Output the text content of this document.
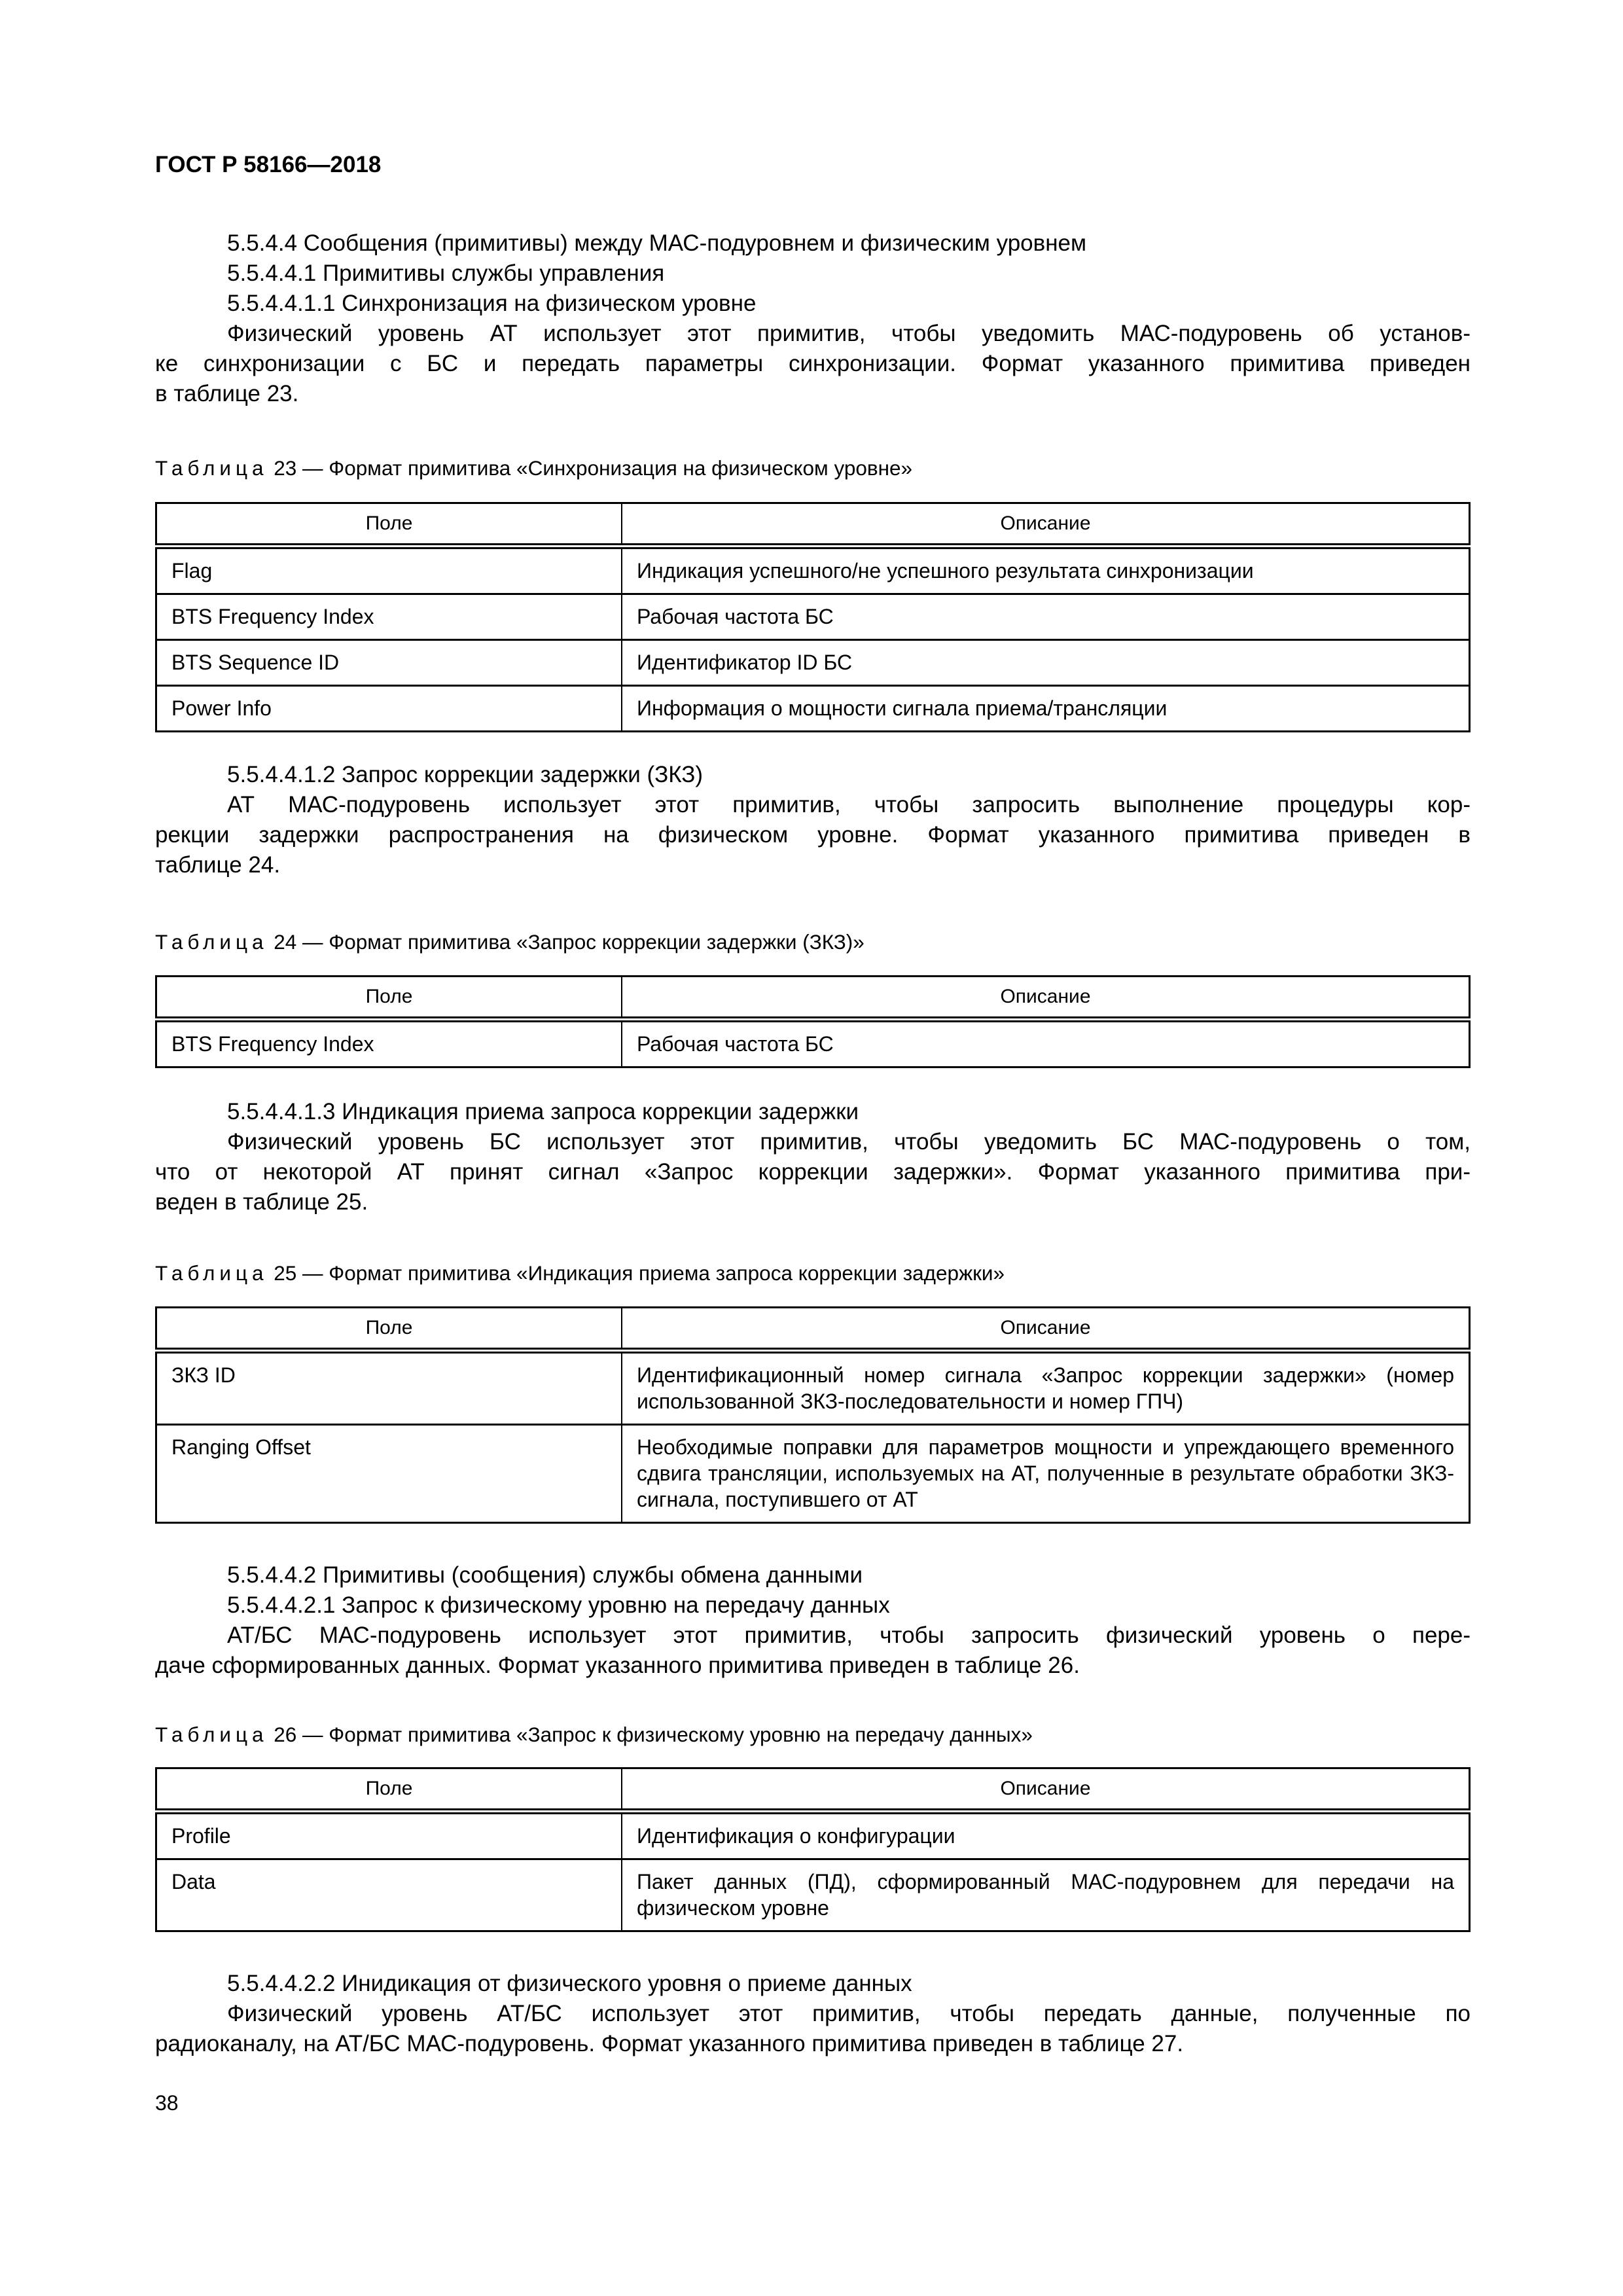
ГОСТ Р 58166—2018
5.5.4.4 Сообщения (примитивы) между МАС-подуровнем и физическим уровнем
5.5.4.4.1 Примитивы службы управления
5.5.4.4.1.1 Синхронизация на физическом уровне
Физический уровень АТ использует этот примитив, чтобы уведомить МАС-подуровень об установ-
ке синхронизации с БС и передать параметры синхронизации. Формат указанного примитива приведен
в таблице 23.
Таблица 23 — Формат примитива «Синхронизация на физическом уровне»
Поле	Описание
Flag	Индикация успешного/не успешного результата синхронизации
BTS Frequency Index	Рабочая частота БС
BTS Sequence ID	Идентификатор ID БС
Power Info	Информация о мощности сигнала приема/трансляции
5.5.4.4.1.2 Запрос коррекции задержки (ЗКЗ)
АТ МАС-подуровень использует этот примитив, чтобы запросить выполнение процедуры кор-
рекции задержки распространения на физическом уровне. Формат указанного примитива приведен в
таблице 24.
Таблица 24 — Формат примитива «Запрос коррекции задержки (ЗКЗ)»
Поле	Описание
BTS Frequency Index	Рабочая частота БС
5.5.4.4.1.3 Индикация приема запроса коррекции задержки
Физический уровень БС использует этот примитив, чтобы уведомить БС МАС-подуровень о том,
что от некоторой АТ принят сигнал «Запрос коррекции задержки». Формат указанного примитива при-
веден в таблице 25.
Таблица 25 — Формат примитива «Индикация приема запроса коррекции задержки»
Поле	Описание
ЗКЗ ID	Идентификационный номер сигнала «Запрос коррекции задержки» (номер использованной ЗКЗ-последовательности и номер ГПЧ)
Ranging Offset	Необходимые поправки для параметров мощности и упреждающего временного сдвига трансляции, используемых на АТ, полученные в результате обработки ЗКЗ-сигнала, поступившего от АТ
5.5.4.4.2 Примитивы (сообщения) службы обмена данными
5.5.4.4.2.1 Запрос к физическому уровню на передачу данных
АТ/БС МАС-подуровень использует этот примитив, чтобы запросить физический уровень о пере-
даче сформированных данных. Формат указанного примитива приведен в таблице 26.
Таблица 26 — Формат примитива «Запрос к физическому уровню на передачу данных»
Поле	Описание
Profile	Идентификация о конфигурации
Data	Пакет данных (ПД), сформированный МАС-подуровнем для передачи на физическом уровне
5.5.4.4.2.2 Инидикация от физического уровня о приеме данных
Физический уровень АТ/БС использует этот примитив, чтобы передать данные, полученные по
радиоканалу, на АТ/БС МАС-подуровень. Формат указанного примитива приведен в таблице 27.
38
